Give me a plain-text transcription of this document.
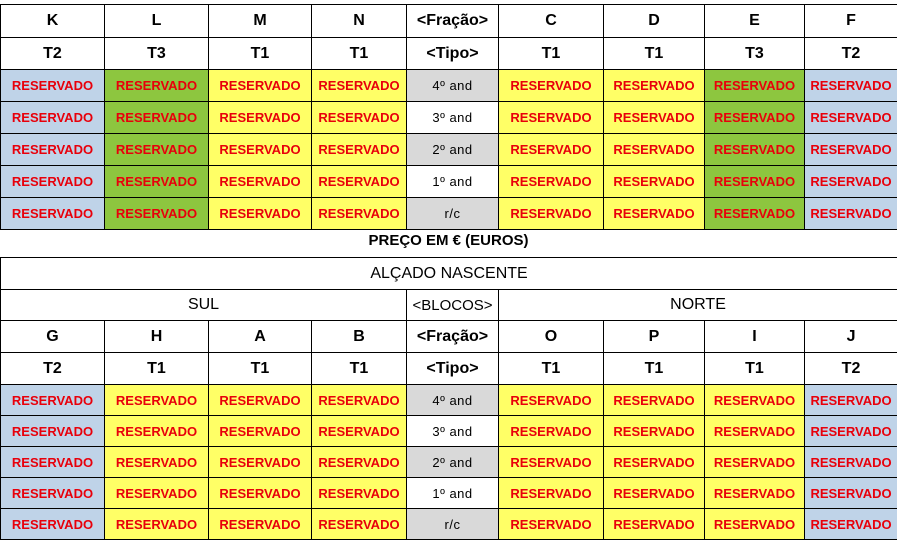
K	L	M	N	<Fração>	C	D	E	F
T2	T3	T1	T1	<Tipo>	T1	T1	T3	T2
RESERVADO	RESERVADO	RESERVADO	RESERVADO	4º and	RESERVADO	RESERVADO	RESERVADO	RESERVADO
RESERVADO	RESERVADO	RESERVADO	RESERVADO	3º and	RESERVADO	RESERVADO	RESERVADO	RESERVADO
RESERVADO	RESERVADO	RESERVADO	RESERVADO	2º and	RESERVADO	RESERVADO	RESERVADO	RESERVADO
RESERVADO	RESERVADO	RESERVADO	RESERVADO	1º and	RESERVADO	RESERVADO	RESERVADO	RESERVADO
RESERVADO	RESERVADO	RESERVADO	RESERVADO	r/c	RESERVADO	RESERVADO	RESERVADO	RESERVADO
PREÇO EM € (EUROS)
ALÇADO NASCENTE								
SUL				<BLOCOS>	NORTE			
G	H	A	B	<Fração>	O	P	I	J
T2	T1	T1	T1	<Tipo>	T1	T1	T1	T2
RESERVADO	RESERVADO	RESERVADO	RESERVADO	4º and	RESERVADO	RESERVADO	RESERVADO	RESERVADO
RESERVADO	RESERVADO	RESERVADO	RESERVADO	3º and	RESERVADO	RESERVADO	RESERVADO	RESERVADO
RESERVADO	RESERVADO	RESERVADO	RESERVADO	2º and	RESERVADO	RESERVADO	RESERVADO	RESERVADO
RESERVADO	RESERVADO	RESERVADO	RESERVADO	1º and	RESERVADO	RESERVADO	RESERVADO	RESERVADO
RESERVADO	RESERVADO	RESERVADO	RESERVADO	r/c	RESERVADO	RESERVADO	RESERVADO	RESERVADO
